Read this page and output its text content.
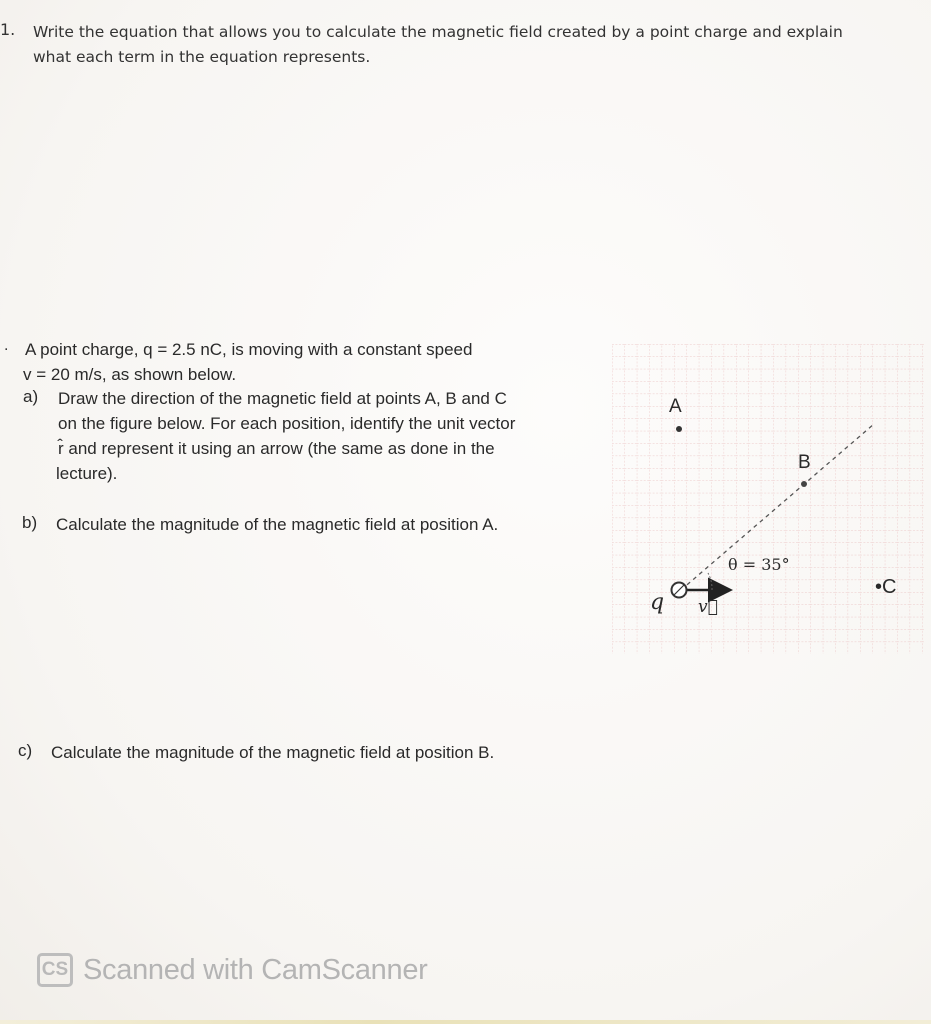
1. Write the equation that allows you to calculate the magnetic field created by a point charge and explain
what each term in the equation represents.
. A point charge, q = 2.5 nC, is moving with a constant speed
v = 20 m/s, as shown below.
a) Draw the direction of the magnetic field at points A, B and C
on the figure below. For each position, identify the unit vector
r̂ and represent it using an arrow (the same as done in the
lecture).
b) Calculate the magnitude of the magnetic field at position A.
c) Calculate the magnitude of the magnetic field at position B.
A
B
•C
θ = 35°
q v⃗
CS Scanned with CamScanner
